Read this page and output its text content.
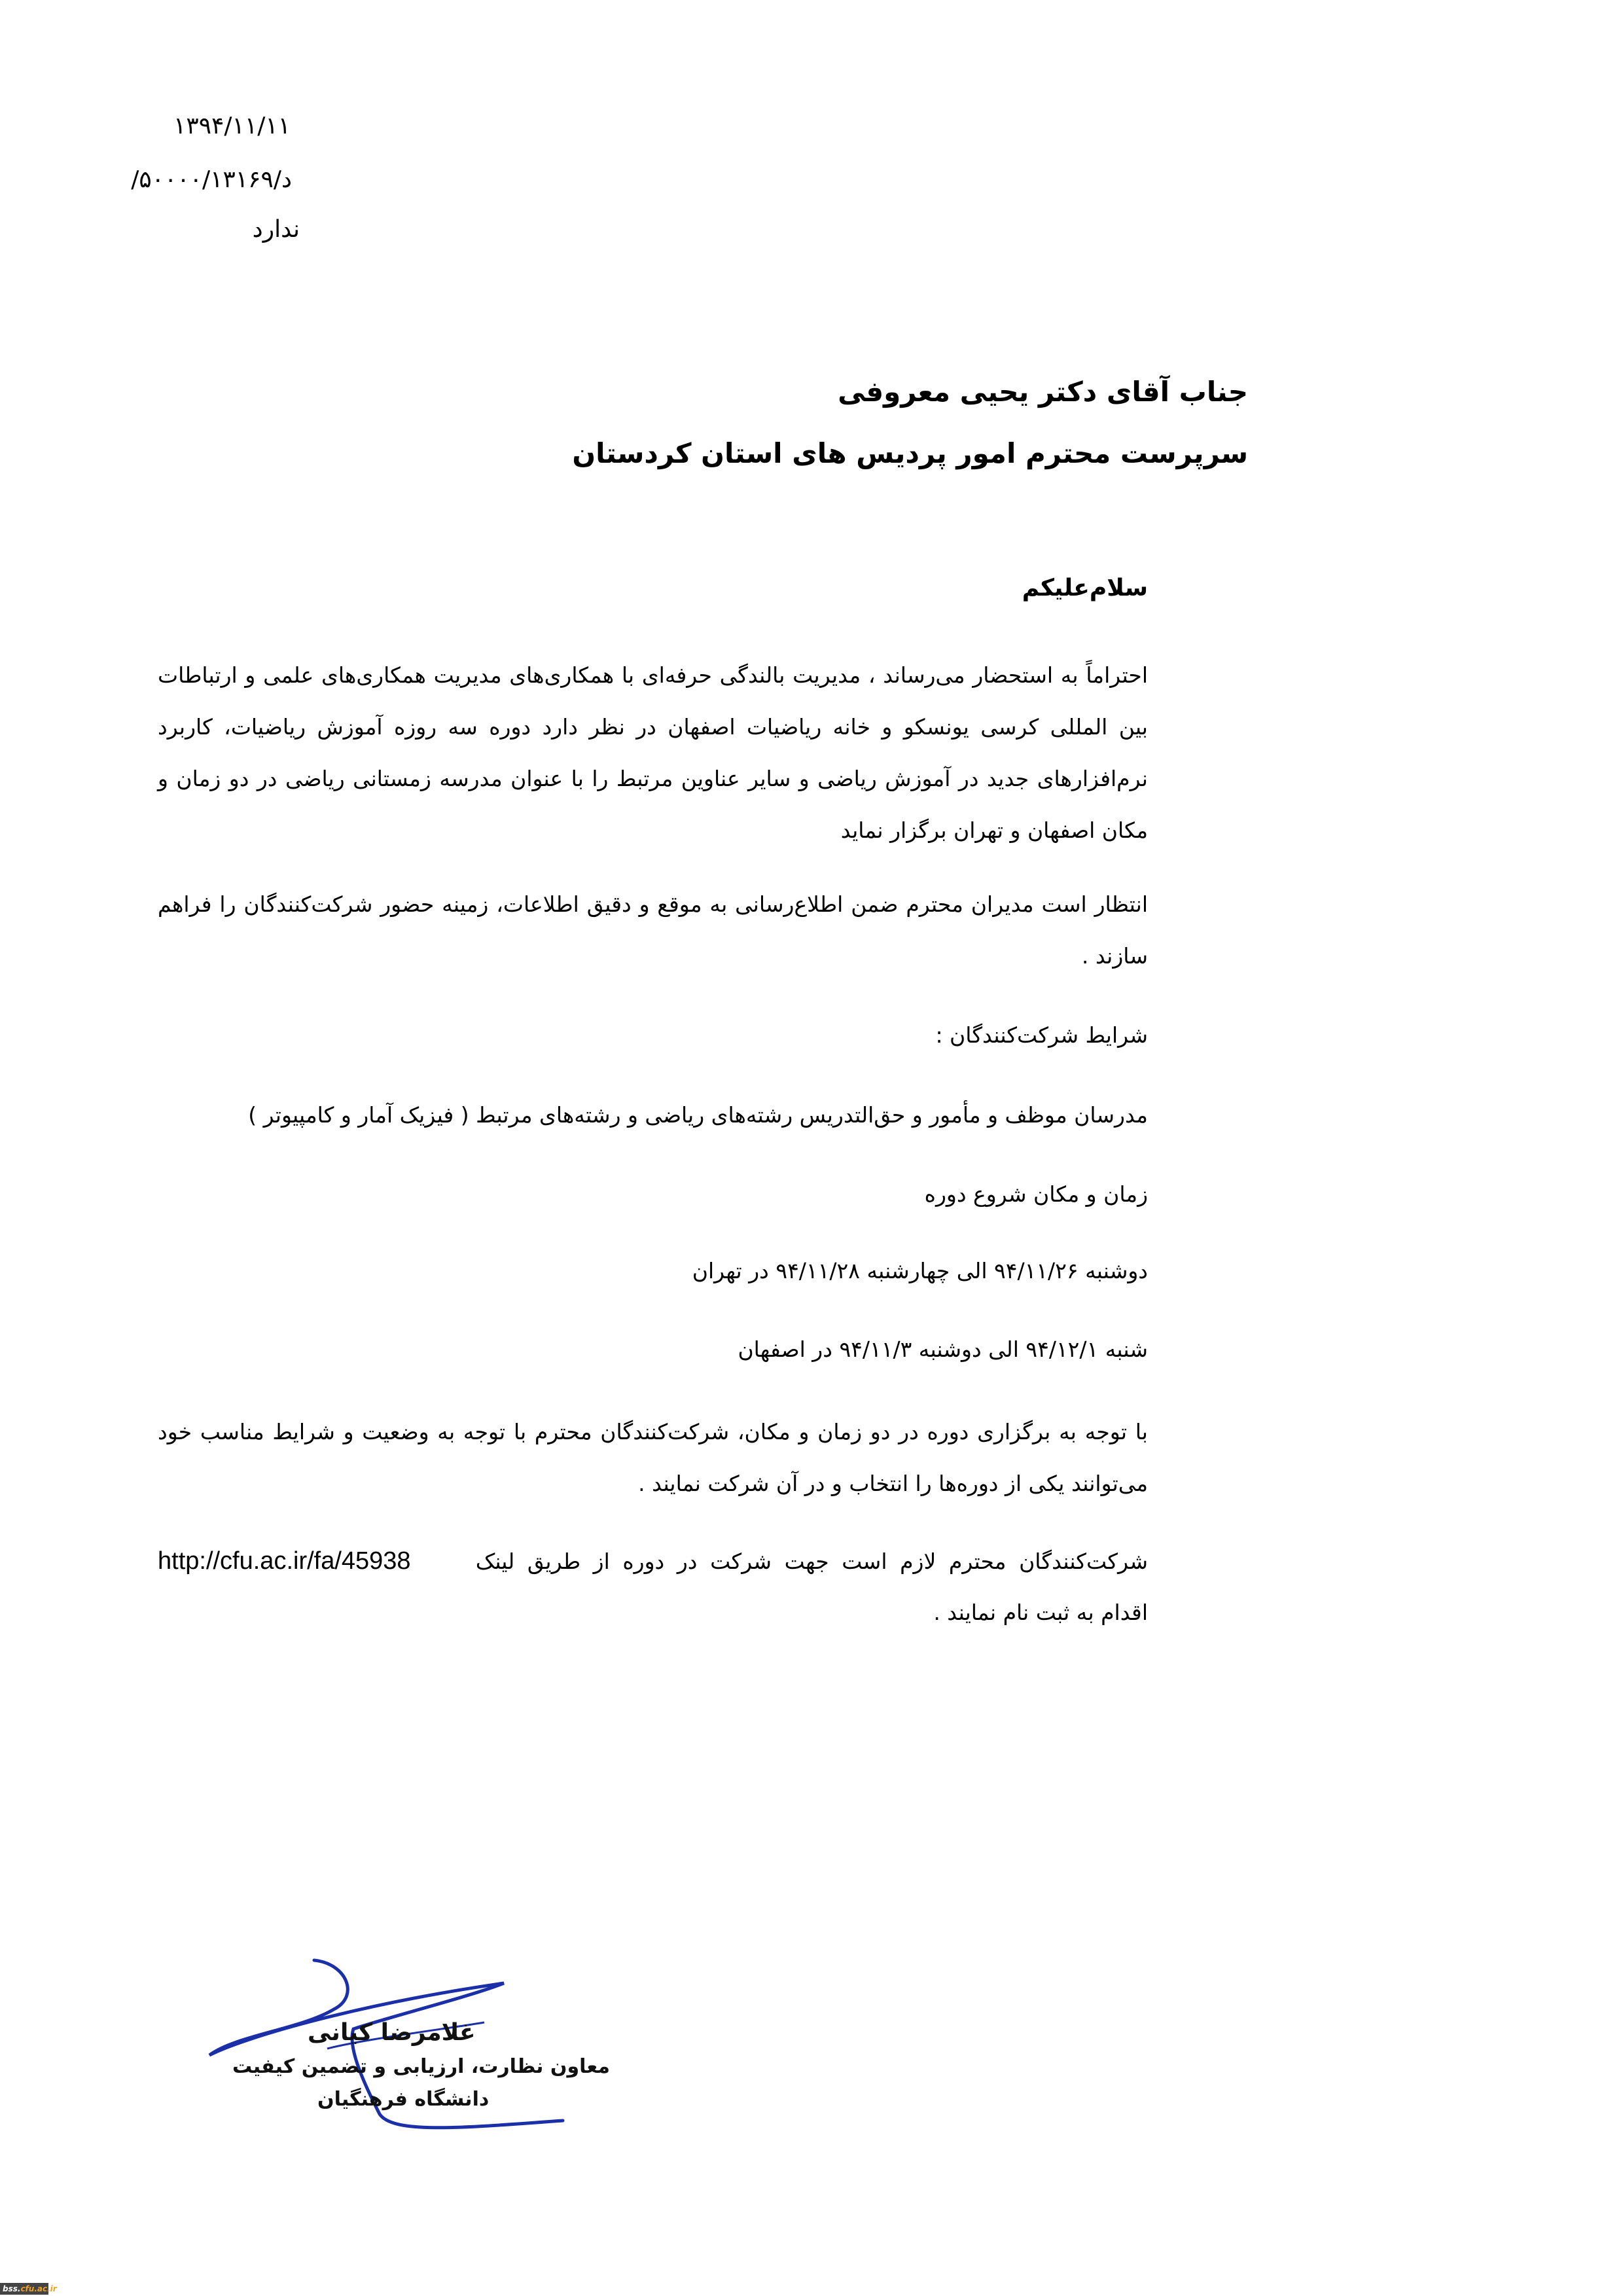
۱۳۹۴/۱۱/۱۱
د/۵۰۰۰۰/۱۳۱۶۹/
ندارد
جناب آقای دکتر یحیی معروفی
سرپرست محترم امور پردیس های استان کردستان
سلام‌علیکم
احتراماً به استحضار می‌رساند ، مدیریت بالندگی حرفه‌ای با همکاری‌های مدیریت همکاری‌های علمی و ارتباطات بین المللی کرسی یونسکو و خانه ریاضیات اصفهان در نظر دارد دوره سه روزه آموزش ریاضیات، کاربرد نرم‌افزارهای جدید در آموزش ریاضی و سایر عناوین مرتبط را با عنوان مدرسه زمستانی ریاضی در دو زمان و مکان اصفهان و تهران برگزار نماید
انتظار است مدیران محترم ضمن اطلاع‌رسانی به موقع و دقیق اطلاعات، زمینه حضور شرکت‌کنندگان را فراهم سازند .
شرایط شرکت‌کنندگان :
مدرسان موظف و مأمور و حق‌التدریس رشته‌های ریاضی و رشته‌های مرتبط ( فیزیک آمار و کامپیوتر )
زمان و مکان شروع دوره
دوشنبه ۹۴/۱۱/۲۶ الی چهارشنبه ۹۴/۱۱/۲۸ در تهران
شنبه ۹۴/۱۲/۱ الی دوشنبه ۹۴/۱۱/۳ در اصفهان
با توجه به برگزاری دوره در دو زمان و مکان، شرکت‌کنندگان محترم با توجه به وضعیت و شرایط مناسب خود می‌توانند یکی از دوره‌ها را انتخاب و در آن شرکت نمایند .
شرکت‌کنندگان محترم لازم است جهت شرکت در دوره از طریق لینک  http://cfu.ac.ir/fa/45938
اقدام به ثبت نام نمایند .
غلامرضا کیانی
معاون نظارت، ارزیابی و تضمین کیفیت
دانشگاه فرهنگیان
bss.cfu.ac.ir
